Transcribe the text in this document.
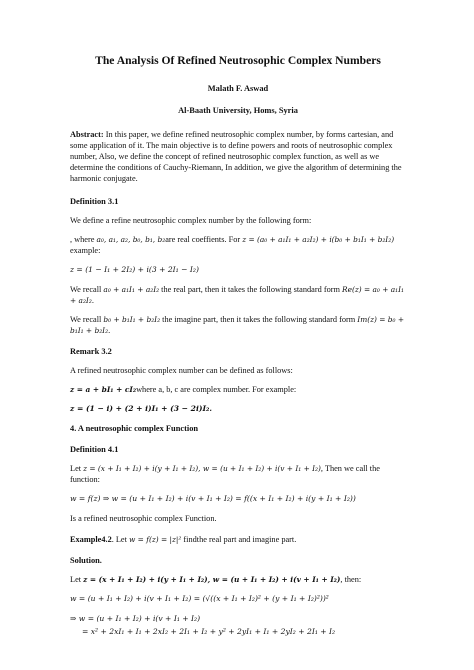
The Analysis Of Refined Neutrosophic Complex Numbers
Malath F. Aswad
Al-Baath University, Homs, Syria

Abstract: In this paper, we define refined neutrosophic complex number, by forms cartesian, and some application of it. The main objective is to define powers and roots of neutrosophic complex number, Also, we define the concept of refined neutrosophic complex function, as well as we determine the conditions of Cauchy-Riemann, In addition, we give the algorithm of determining the harmonic conjugate.

Definition 3.1

We define a refine neutrosophic complex number by the following form:

, where a₀, a₁, a₂, b₀, b₁, b₂are real coeffients. For z = (a₀ + a₁I₁ + a₂I₂) + i(b₀ + b₁I₁ + b₂I₂)
example:

z = (1 − I₁ + 2I₂) + i(3 + 2I₁ − I₂)

We recall a₀ + a₁I₁ + a₂I₂ the real part, then it takes the following standard form Re(z) = a₀ + a₁I₁ + a₂I₂.

We recall b₀ + b₁I₁ + b₂I₂ the imagine part, then it takes the following standard form Im(z) = b₀ + b₁I₁ + b₂I₂.

Remark 3.2

A refined neutrosophic complex number can be defined as follows:

z = a + bI₁ + cI₂where a, b, c are complex number. For example:

z = (1 − i) + (2 + i)I₁ + (3 − 2i)I₂.
4. A neutrosophic complex Function
Definition 4.1

Let z = (x + I₁ + I₂) + i(y + I₁ + I₂), w = (u + I₁ + I₂) + i(v + I₁ + I₂), Then we call the function:

w = f(z) ⇒ w = (u + I₁ + I₂) + i(v + I₁ + I₂) = f((x + I₁ + I₂) + i(y + I₁ + I₂))

Is a refined neutrosophic complex Function.

Example4.2. Let w = f(z) = |z|² findthe real part and imagine part.

Solution.

Let z = (x + I₁ + I₂) + i(y + I₁ + I₂), w = (u + I₁ + I₂) + i(v + I₁ + I₂), then:

w = (u + I₁ + I₂) + i(v + I₁ + I₂) = (√((x + I₁ + I₂)² + (y + I₁ + I₂)²))²
⇒ w = (u + I₁ + I₂) + i(v + I₁ + I₂)
= x² + 2xI₁ + I₁ + 2xI₂ + 2I₁ + I₂ + y² + 2yI₁ + I₁ + 2yI₂ + 2I₁ + I₂
